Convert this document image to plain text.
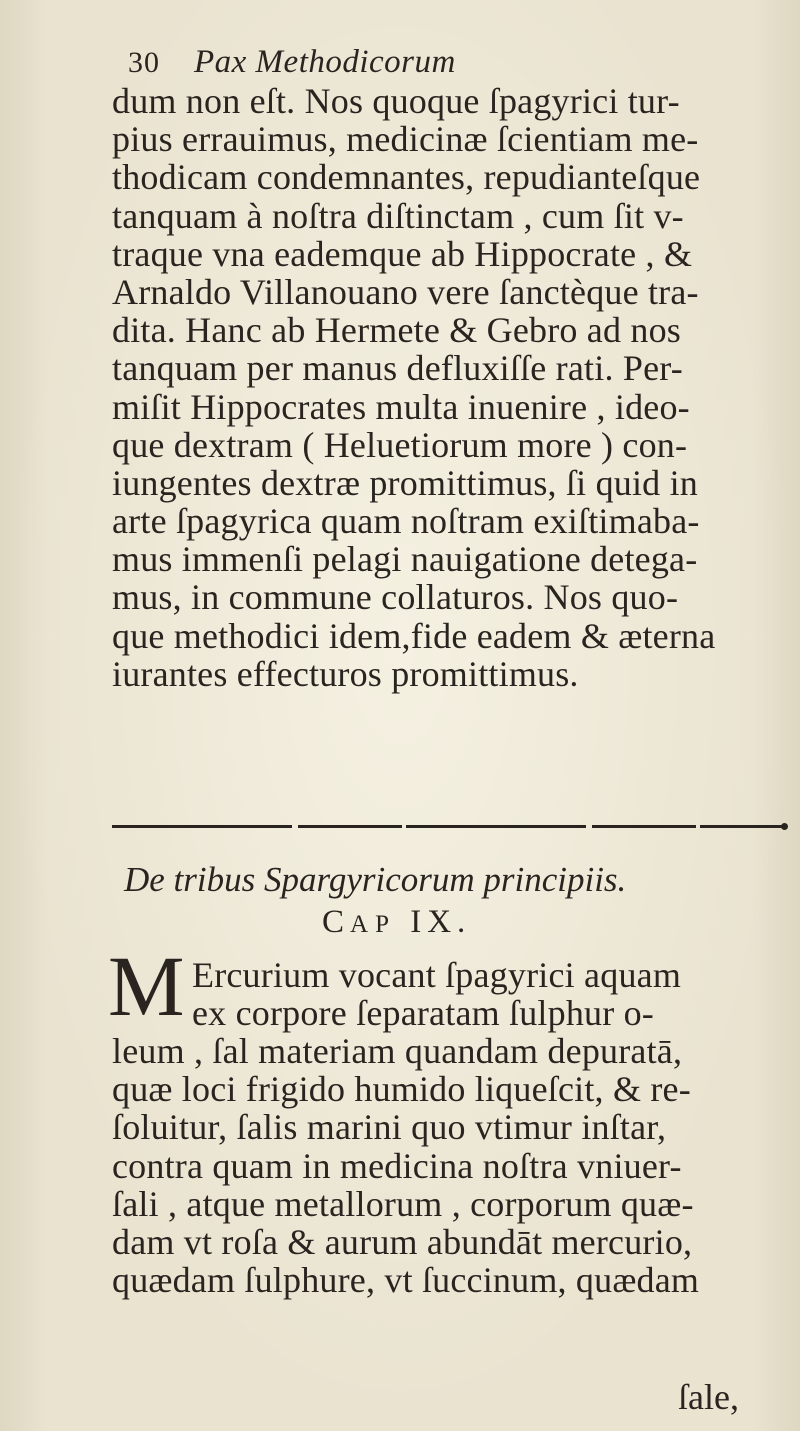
30 Pax Methodicorum
dum non eſt. Nos quoque ſpagyrici tur-
pius errauimus, medicinæ ſcientiam me-
thodicam condemnantes, repudianteſque
tanquam à noſtra diſtinctam , cum ſit v-
traque vna eademque ab Hippocrate , &
Arnaldo Villanouano vere ſanctèque tra-
dita. Hanc ab Hermete & Gebro ad nos
tanquam per manus defluxiſſe rati. Per-
miſit Hippocrates multa inuenire , ideo-
que dextram ( Heluetiorum more ) con-
iungentes dextræ promittimus, ſi quid in
arte ſpagyrica quam noſtram exiſtimaba-
mus immenſi pelagi nauigatione detega-
mus, in commune collaturos. Nos quo-
que methodici idem,fide eadem & æterna
iurantes effecturos promittimus.
De tribus Spargyricorum principiis.
CAP IX.
M Ercurium vocant ſpagyrici aquam
ex corpore ſeparatam ſulphur o-
leum , ſal materiam quandam depuratā,
quæ loci frigido humido liqueſcit, & re-
ſoluitur, ſalis marini quo vtimur inſtar,
contra quam in medicina noſtra vniuer-
ſali , atque metallorum , corporum quæ-
dam vt roſa & aurum abundāt mercurio,
quædam ſulphure, vt ſuccinum, quædam
ſale,
